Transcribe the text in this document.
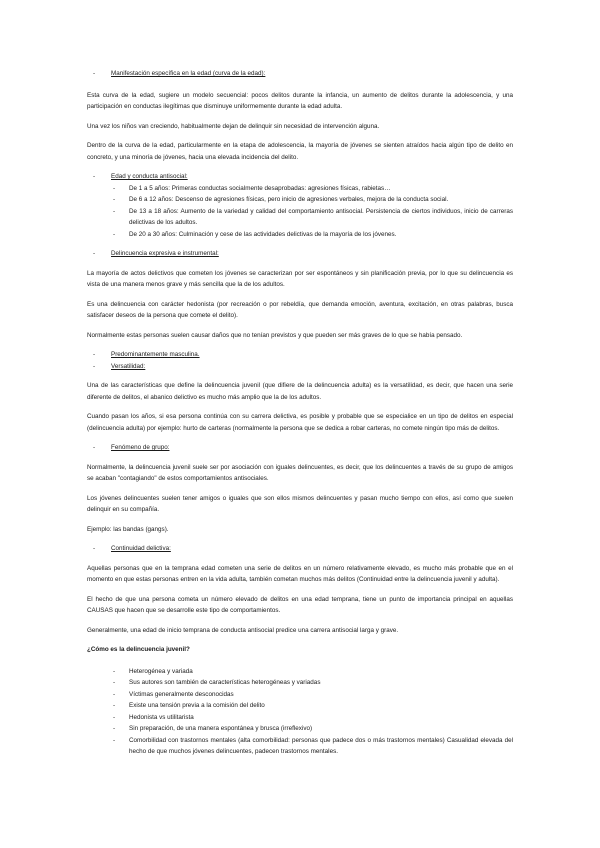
-	Manifestación específica en la edad (curva de la edad):

Esta curva de la edad, sugiere un modelo secuencial: pocos delitos durante la infancia, un aumento de delitos durante la adolescencia, y una participación en conductas ilegítimas que disminuye uniformemente durante la edad adulta.

Una vez los niños van creciendo, habitualmente dejan de delinquir sin necesidad de intervención alguna.

Dentro de la curva de la edad, particularmente en la etapa de adolescencia, la mayoría de jóvenes se sienten atraídos hacia algún tipo de delito en concreto, y una minoría de jóvenes, hacia una elevada incidencia del delito.

-	Edad y conducta antisocial:
-	De 1 a 5 años: Primeras conductas socialmente desaprobadas: agresiones físicas, rabietas…
-	De 6 a 12 años: Descenso de agresiones físicas, pero inicio de agresiones verbales, mejora de la conducta social.
-	De 13 a 18 años: Aumento de la variedad y calidad del comportamiento antisocial. Persistencia de ciertos individuos, inicio de carreras delictivas de los adultos.
-	De 20 a 30 años: Culminación y cese de las actividades delictivas de la mayoría de los jóvenes.
-	Delincuencia expresiva e instrumental:

La mayoría de actos delictivos que cometen los jóvenes se caracterizan por ser espontáneos y sin planificación previa, por lo que su delincuencia es vista de una manera menos grave y más sencilla que la de los adultos.

Es una delincuencia con carácter hedonista (por recreación o por rebeldía, que demanda emoción, aventura, excitación, en otras palabras, busca satisfacer deseos de la persona que comete el delito).

Normalmente estas personas suelen causar daños que no tenían previstos y que pueden ser más graves de lo que se había pensado.

-	Predominantemente masculina.
-	Versatilidad:

Una de las características que define la delincuencia juvenil (que difiere de la delincuencia adulta) es la versatilidad, es decir, que hacen una serie diferente de delitos, el abanico delictivo es mucho más amplio que la de los adultos.

Cuando pasan los años, si esa persona continúa con su carrera delictiva, es posible y probable que se especialice en un tipo de delitos en especial (delincuencia adulta) por ejemplo: hurto de carteras (normalmente la persona que se dedica a robar carteras, no comete ningún tipo más de delitos.

-	Fenómeno de grupo:

Normalmente, la delincuencia juvenil suele ser por asociación con iguales delincuentes, es decir, que los delincuentes a través de su grupo de amigos se acaban "contagiando" de estos comportamientos antisociales.

Los jóvenes delincuentes suelen tener amigos o iguales que son ellos mismos delincuentes y pasan mucho tiempo con ellos, así como que suelen delinquir en su compañía.

Ejemplo: las bandas (gangs).

-	Continuidad delictiva:

Aquellas personas que en la temprana edad cometen una serie de delitos en un número relativamente elevado, es mucho más probable que en el momento en que estas personas entren en la vida adulta, también cometan muchos más delitos (Continuidad entre la delincuencia juvenil y adulta).

El hecho de que una persona cometa un número elevado de delitos en una edad temprana, tiene un punto de importancia principal en aquellas CAUSAS que hacen que se desarrolle este tipo de comportamientos.

Generalmente, una edad de inicio temprana de conducta antisocial predice una carrera antisocial larga y grave.

¿Cómo es la delincuencia juvenil?

-	Heterogénea y variada
-	Sus autores son también de características heterogéneas y variadas
-	Víctimas generalmente desconocidas
-	Existe una tensión previa a la comisión del delito
-	Hedonista vs utilitarista
-	Sin preparación, de una manera espontánea y brusca (irreflexivo)
-	Comorbilidad con trastornos mentales (alta comorbilidad: personas que padece dos o más trastornos mentales) Casualidad elevada del hecho de que muchos jóvenes delincuentes, padecen trastornos mentales.
